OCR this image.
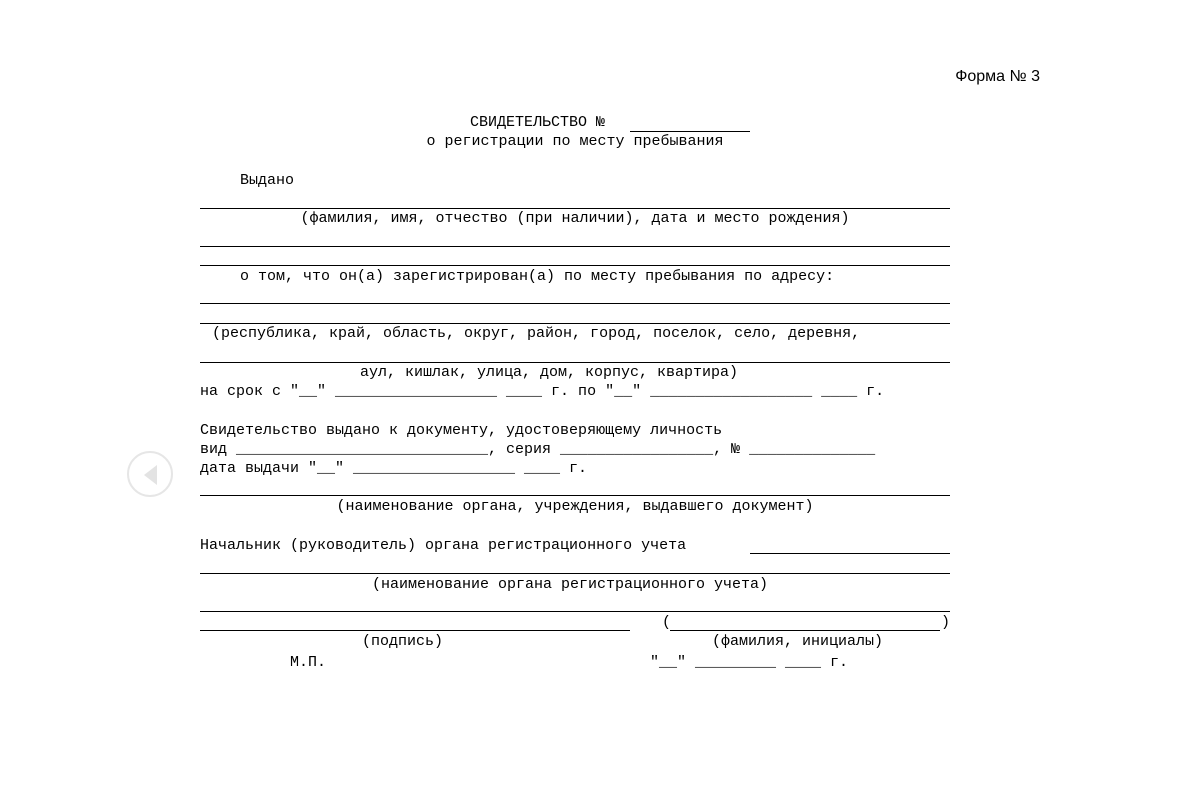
Форма № 3
СВИДЕТЕЛЬСТВО №
о регистрации по месту пребывания
Выдано
(фамилия, имя, отчество (при наличии), дата и место рождения)
о том, что он(а) зарегистрирован(а) по месту пребывания по адресу:
(республика, край, область, округ, район, город, поселок, село, деревня,
аул, кишлак, улица, дом, корпус, квартира)
на срок с "__" __________________ ____ г. по "__" __________________ ____ г.
Свидетельство выдано к документу, удостоверяющему личность
вид ____________________________, серия _________________, № ______________
дата выдачи "__" __________________ ____ г.
(наименование органа, учреждения, выдавшего документ)
Начальник (руководитель) органа регистрационного учета
(наименование органа регистрационного учета)
(	)
(подпись)	(фамилия, инициалы)
М.П.	"__" _________ ____ г.
